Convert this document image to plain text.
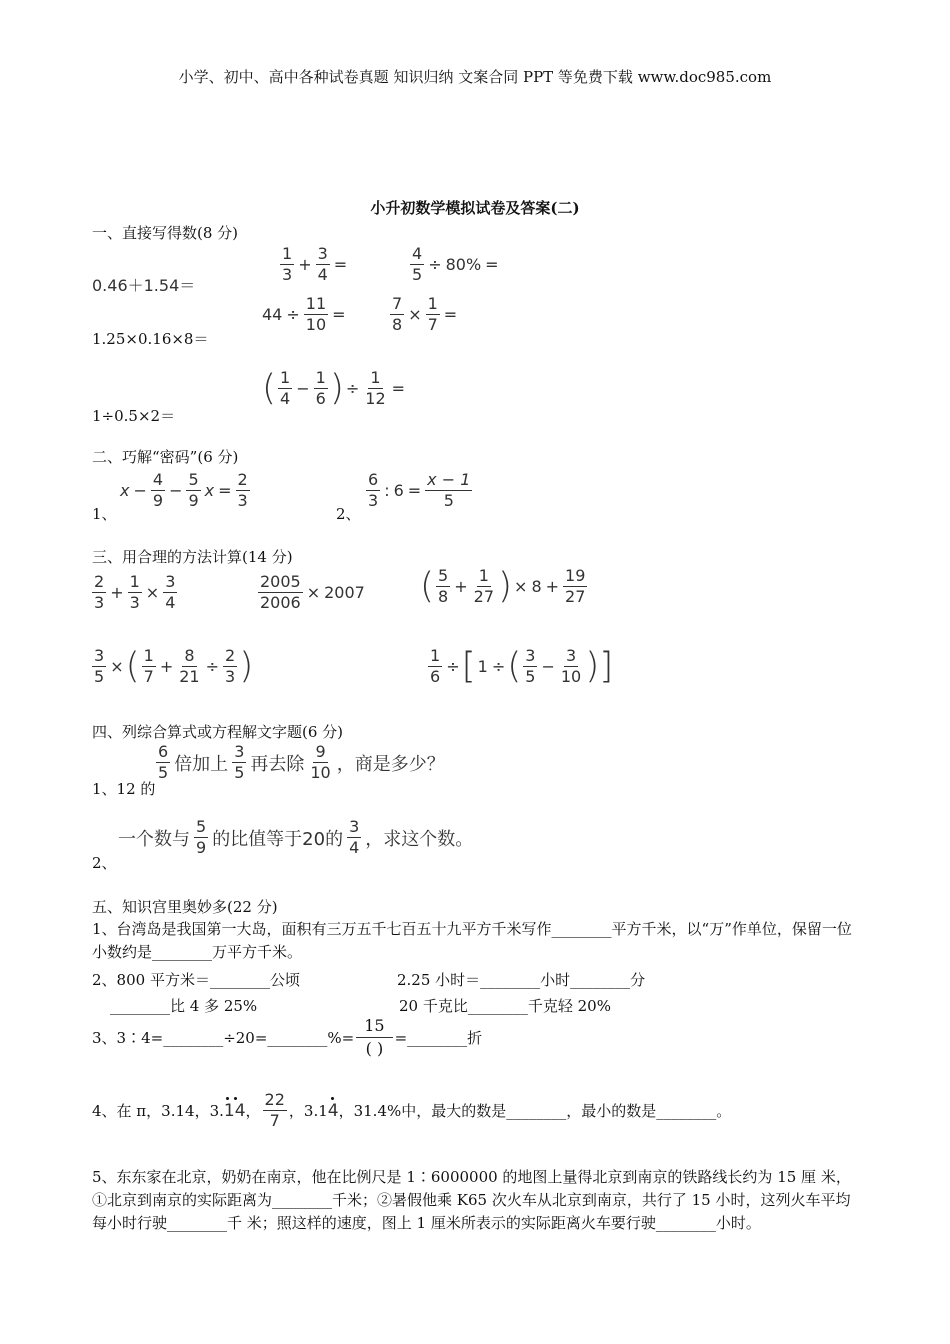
小学、初中、高中各种试卷真题 知识归纳 文案合同 PPT 等免费下载 www.doc985.com
小升初数学模拟试卷及答案(二)
一、直接写得数(8 分)
0.46＋1.54＝
$\frac{1}{3} + \frac{3}{4}$ =	$\frac{4}{5} \div 80\%$ =
$44 \div \frac{11}{10}$ =	$\frac{7}{8} \times \frac{1}{7}$ =
1.25×0.16×8＝
( $\frac{1}{4} - \frac{1}{6}$ ) ÷ $\frac{1}{12}$ =
1÷0.5×2＝
二、巧解“密码”(6 分)
1、
$x - \frac{4}{9} - \frac{5}{9}$ $x = \frac{2}{3}$
2、
$\frac{6}{3}$ : $6 = \frac{x - 1}{5}$
三、用合理的方法计算(14 分)
$\frac{2}{3} + \frac{1}{3} \times \frac{3}{4}$	$\frac{2005}{2006} \times 2007$ ( $\frac{5}{8} + \frac{1}{27}$ ) × $8 + \frac{19}{27}$
$\frac{3}{5}$ ×( $\frac{1}{7} + \frac{8}{21} \div \frac{2}{3}$ )	$\frac{1}{6}$ ÷[ 1 ÷( $\frac{3}{5} - \frac{3}{10}$ )]
四、列综合算式或方程解文字题(6 分)
1、12 的
$\frac{6}{5}$ 倍加上 $\frac{3}{5}$ 再去除 $\frac{9}{10}$ ，商是多少？
2、
一个数与 $\frac{5}{9}$ 的比值等于20的 $\frac{3}{4}$ ，求这个数。
五、知识宫里奥妙多(22 分)
1、台湾岛是我国第一大岛，面积有三万五千七百五十九平方千米写作________平方千米，以“万”作单位，保留一位小数约是________万平方千米。
2、800 平方米＝________公顷	2.25 小时＝________小时________分
________比 4 多 25%	20 千克比________千克轻 20%
3、3∶4=________÷20=________%=
15
( )
=________折
4、在 π，3.14，3.
14， $\frac{22}{7}$ ，3.1
4，31.4%中，最大的数是________，最小的数是________。
5、东东家在北京，奶奶在南京，他在比例尺是 1∶6000000 的地图上量得北京到南京的铁路线长约为 15 厘 米，①北京到南京的实际距离为________千米；②暑假他乘 K65 次火车从北京到南京，共行了 15 小时，这列火车平均每小时行驶________千 米；照这样的速度，图上 1 厘米所表示的实际距离火车要行驶________小时。
